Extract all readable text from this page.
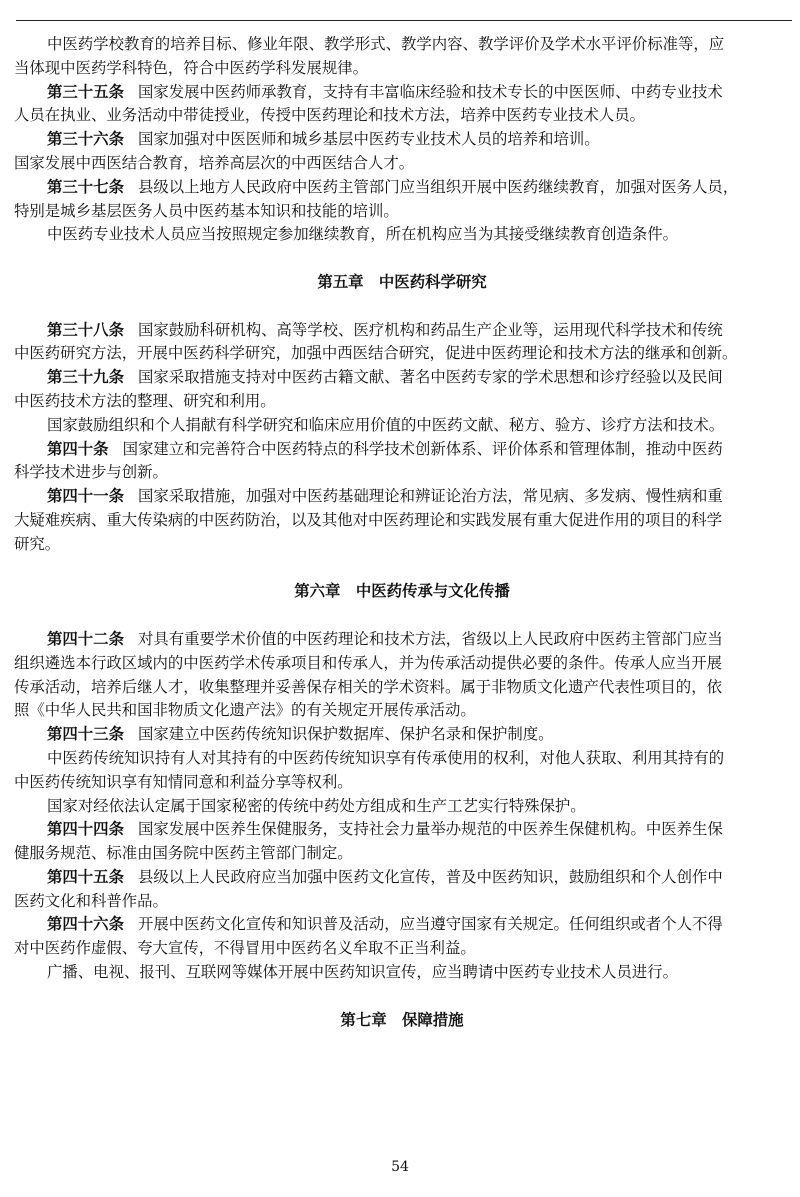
中医药学校教育的培养目标、修业年限、教学形式、教学内容、教学评价及学术水平评价标准等，应
当体现中医药学科特色，符合中医药学科发展规律。
第三十五条 国家发展中医药师承教育，支持有丰富临床经验和技术专长的中医医师、中药专业技术
人员在执业、业务活动中带徒授业，传授中医药理论和技术方法，培养中医药专业技术人员。
第三十六条 国家加强对中医医师和城乡基层中医药专业技术人员的培养和培训。
国家发展中西医结合教育，培养高层次的中西医结合人才。
第三十七条 县级以上地方人民政府中医药主管部门应当组织开展中医药继续教育，加强对医务人员，
特别是城乡基层医务人员中医药基本知识和技能的培训。
中医药专业技术人员应当按照规定参加继续教育，所在机构应当为其接受继续教育创造条件。
第五章　中医药科学研究
第三十八条 国家鼓励科研机构、高等学校、医疗机构和药品生产企业等，运用现代科学技术和传统
中医药研究方法，开展中医药科学研究，加强中西医结合研究，促进中医药理论和技术方法的继承和创新。
第三十九条 国家采取措施支持对中医药古籍文献、著名中医药专家的学术思想和诊疗经验以及民间
中医药技术方法的整理、研究和利用。
国家鼓励组织和个人捐献有科学研究和临床应用价值的中医药文献、秘方、验方、诊疗方法和技术。
第四十条 国家建立和完善符合中医药特点的科学技术创新体系、评价体系和管理体制，推动中医药
科学技术进步与创新。
第四十一条 国家采取措施，加强对中医药基础理论和辨证论治方法，常见病、多发病、慢性病和重
大疑难疾病、重大传染病的中医药防治，以及其他对中医药理论和实践发展有重大促进作用的项目的科学
研究。
第六章　中医药传承与文化传播
第四十二条 对具有重要学术价值的中医药理论和技术方法，省级以上人民政府中医药主管部门应当
组织遴选本行政区域内的中医药学术传承项目和传承人，并为传承活动提供必要的条件。传承人应当开展
传承活动，培养后继人才，收集整理并妥善保存相关的学术资料。属于非物质文化遗产代表性项目的，依
照《中华人民共和国非物质文化遗产法》的有关规定开展传承活动。
第四十三条 国家建立中医药传统知识保护数据库、保护名录和保护制度。
中医药传统知识持有人对其持有的中医药传统知识享有传承使用的权利，对他人获取、利用其持有的
中医药传统知识享有知情同意和利益分享等权利。
国家对经依法认定属于国家秘密的传统中药处方组成和生产工艺实行特殊保护。
第四十四条 国家发展中医养生保健服务，支持社会力量举办规范的中医养生保健机构。中医养生保
健服务规范、标准由国务院中医药主管部门制定。
第四十五条 县级以上人民政府应当加强中医药文化宣传，普及中医药知识，鼓励组织和个人创作中
医药文化和科普作品。
第四十六条 开展中医药文化宣传和知识普及活动，应当遵守国家有关规定。任何组织或者个人不得
对中医药作虚假、夸大宣传，不得冒用中医药名义牟取不正当利益。
广播、电视、报刊、互联网等媒体开展中医药知识宣传，应当聘请中医药专业技术人员进行。
第七章　保障措施
54
